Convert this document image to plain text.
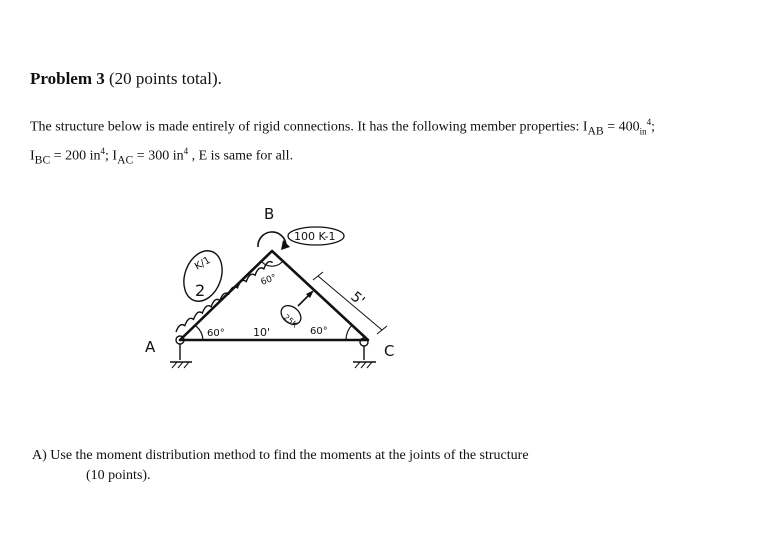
Problem 3 (20 points total).
The structure below is made entirely of rigid connections. It has the following member properties: $I_{AB} = 400_{in}^4$;
$I_{BC} = 200$ $in^4$; $I_{AC} = 300$ $in^4$ , E is same for all.
K/1
2
100 K-1
25K
5'
60°
60°
60°
10'
B
A	C
A) Use the moment distribution method to find the moments at the joints of the structure
(10 points).
